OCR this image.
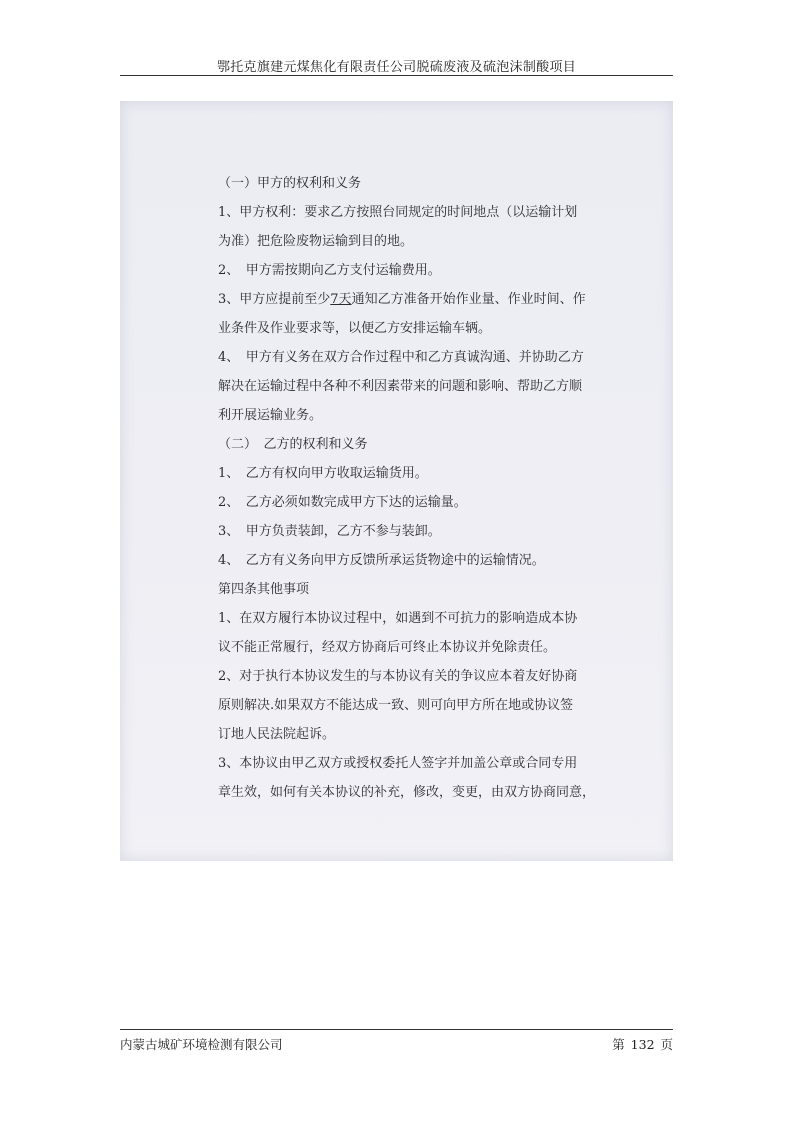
鄂托克旗建元煤焦化有限责任公司脱硫废液及硫泡沫制酸项目
（一）甲方的权利和义务
1、甲方权利：要求乙方按照台同规定的时间地点（以运输计划
为准）把危险废物运输到目的地。
2、　甲方需按期向乙方支付运输费用。
3、甲方应提前至少7天通知乙方准备开始作业量、作业时间、作
业条件及作业要求等，以便乙方安排运输车辆。
4、　甲方有义务在双方合作过程中和乙方真诚沟通、并协助乙方
解决在运输过程中各种不利因素带来的问题和影响、帮助乙方顺
利开展运输业务。
（二）　乙方的权利和义务
1、　乙方有权向甲方收取运输货用。
2、　乙方必须如数完成甲方下达的运输量。
3、　甲方负责装卸，乙方不参与装卸。
4、　乙方有义务向甲方反馈所承运货物途中的运输情况。
第四条其他事项
1、在双方履行本协议过程中，如遇到不可抗力的影响造成本协
议不能正常履行，经双方协商后可终止本协议并免除责任。
2、对于执行本协议发生的与本协议有关的争议应本着友好协商
原则解决.如果双方不能达成一致、则可向甲方所在地或协议签
订地人民法院起诉。
3、本协议由甲乙双方或授权委托人签字并加盖公章或合同专用
章生效，如何有关本协议的补充，修改，变更，由双方协商同意，
内蒙古城矿环境检测有限公司	第 132 页
